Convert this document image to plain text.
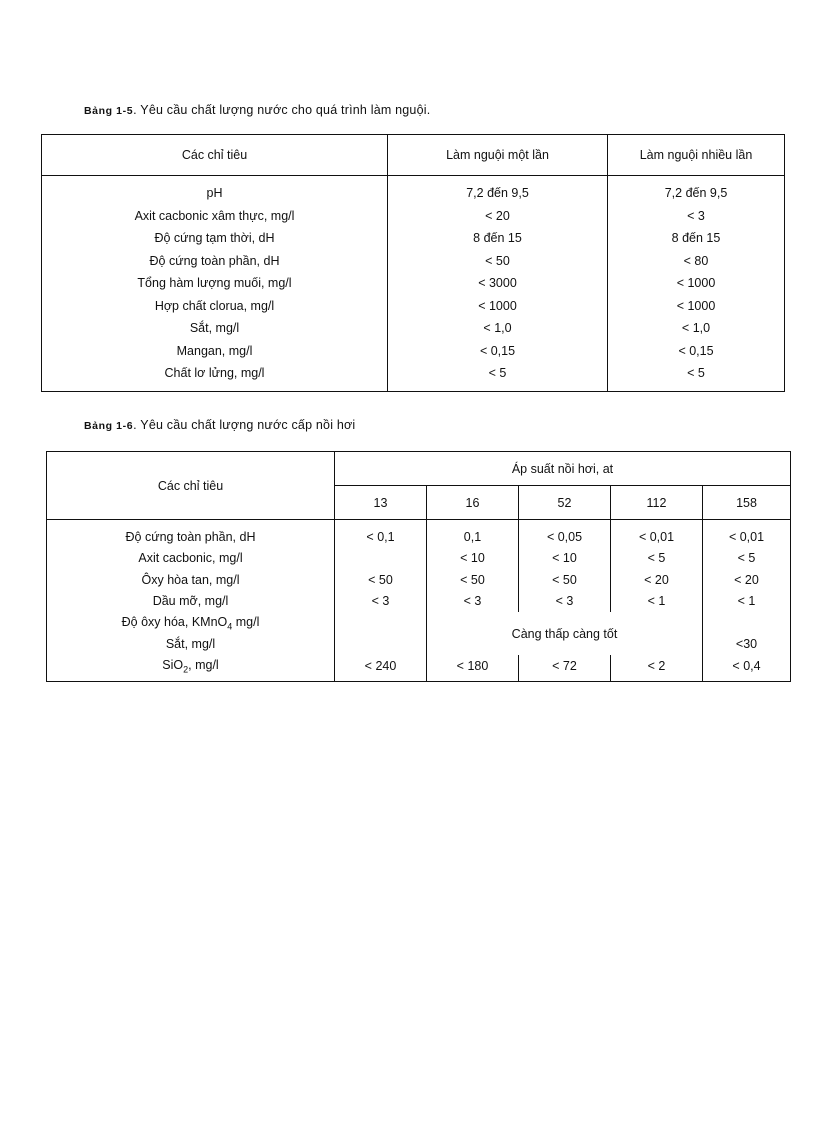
Bảng 1-5. Yêu cầu chất lượng nước cho quá trình làm nguội.
Các chỉ tiêu	Làm nguội một lần	Làm nguội nhiều lần
pH	7,2 đến 9,5	7,2 đến 9,5
Axit cacbonic xâm thực, mg/l	< 20	< 3
Độ cứng tạm thời, dH	8 đến 15	8 đến 15
Độ cứng toàn phần, dH	< 50	< 80
Tổng hàm lượng muối, mg/l	< 3000	< 1000
Hợp chất clorua, mg/l	< 1000	< 1000
Sắt, mg/l	< 1,0	< 1,0
Mangan, mg/l	< 0,15	< 0,15
Chất lơ lửng, mg/l	< 5	< 5
Bảng 1-6. Yêu cầu chất lượng nước cấp nồi hơi
Các chỉ tiêu	Áp suất nồi hơi, at				
	13	16	52	112	158
Độ cứng toàn phần, dH	< 0,1	0,1	< 0,05	< 0,01	< 0,01
Axit cacbonic, mg/l		< 10	< 10	< 5	< 5
Ôxy hòa tan, mg/l	< 50	< 50	< 50	< 20	< 20
Dầu mỡ, mg/l	< 3	< 3	< 3	< 1	< 1
Độ ôxy hóa, KMnO$_4$ mg/l		Càng thấp càng tốt			
Sắt, mg/l					<30
SiO$_2$, mg/l	< 240	< 180	< 72	< 2	< 0,4
